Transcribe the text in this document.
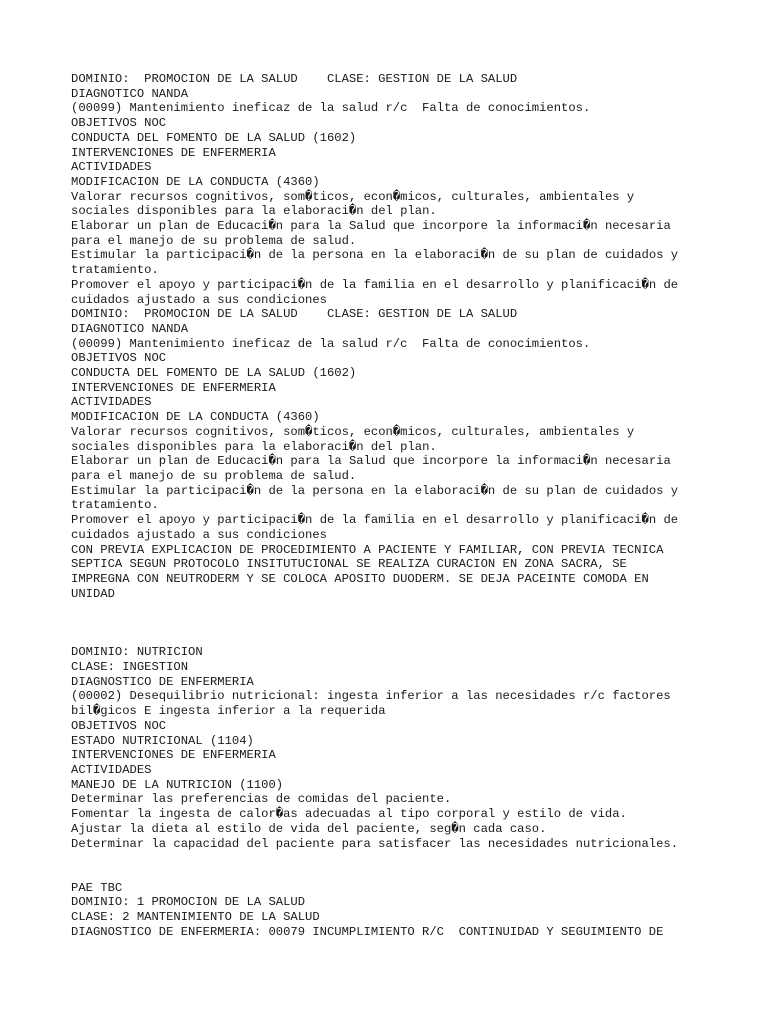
DOMINIO:  PROMOCION DE LA SALUD    CLASE: GESTION DE LA SALUD
DIAGNOTICO NANDA
(00099) Mantenimiento ineficaz de la salud r/c  Falta de conocimientos.
OBJETIVOS NOC
CONDUCTA DEL FOMENTO DE LA SALUD (1602)
INTERVENCIONES DE ENFERMERIA
ACTIVIDADES
MODIFICACION DE LA CONDUCTA (4360)
Valorar recursos cognitivos, som�ticos, econ�micos, culturales, ambientales y
sociales disponibles para la elaboraci�n del plan.
Elaborar un plan de Educaci�n para la Salud que incorpore la informaci�n necesaria
para el manejo de su problema de salud.
Estimular la participaci�n de la persona en la elaboraci�n de su plan de cuidados y
tratamiento.
Promover el apoyo y participaci�n de la familia en el desarrollo y planificaci�n de
cuidados ajustado a sus condiciones
DOMINIO:  PROMOCION DE LA SALUD    CLASE: GESTION DE LA SALUD
DIAGNOTICO NANDA
(00099) Mantenimiento ineficaz de la salud r/c  Falta de conocimientos.
OBJETIVOS NOC
CONDUCTA DEL FOMENTO DE LA SALUD (1602)
INTERVENCIONES DE ENFERMERIA
ACTIVIDADES
MODIFICACION DE LA CONDUCTA (4360)
Valorar recursos cognitivos, som�ticos, econ�micos, culturales, ambientales y
sociales disponibles para la elaboraci�n del plan.
Elaborar un plan de Educaci�n para la Salud que incorpore la informaci�n necesaria
para el manejo de su problema de salud.
Estimular la participaci�n de la persona en la elaboraci�n de su plan de cuidados y
tratamiento.
Promover el apoyo y participaci�n de la familia en el desarrollo y planificaci�n de
cuidados ajustado a sus condiciones
CON PREVIA EXPLICACION DE PROCEDIMIENTO A PACIENTE Y FAMILIAR, CON PREVIA TECNICA
SEPTICA SEGUN PROTOCOLO INSITUTUCIONAL SE REALIZA CURACION EN ZONA SACRA, SE
IMPREGNA CON NEUTRODERM Y SE COLOCA APOSITO DUODERM. SE DEJA PACEINTE COMODA EN
UNIDAD
DOMINIO: NUTRICION
CLASE: INGESTION
DIAGNOSTICO DE ENFERMERIA
(00002) Desequilibrio nutricional: ingesta inferior a las necesidades r/c factores
bil�gicos E ingesta inferior a la requerida
OBJETIVOS NOC
ESTADO NUTRICIONAL (1104)
INTERVENCIONES DE ENFERMERIA
ACTIVIDADES
MANEJO DE LA NUTRICION (1100)
Determinar las preferencias de comidas del paciente.
Fomentar la ingesta de calor�as adecuadas al tipo corporal y estilo de vida.
Ajustar la dieta al estilo de vida del paciente, seg�n cada caso.
Determinar la capacidad del paciente para satisfacer las necesidades nutricionales.
PAE TBC
DOMINIO: 1 PROMOCION DE LA SALUD
CLASE: 2 MANTENIMIENTO DE LA SALUD
DIAGNOSTICO DE ENFERMERIA: 00079 INCUMPLIMIENTO R/C  CONTINUIDAD Y SEGUIMIENTO DE
